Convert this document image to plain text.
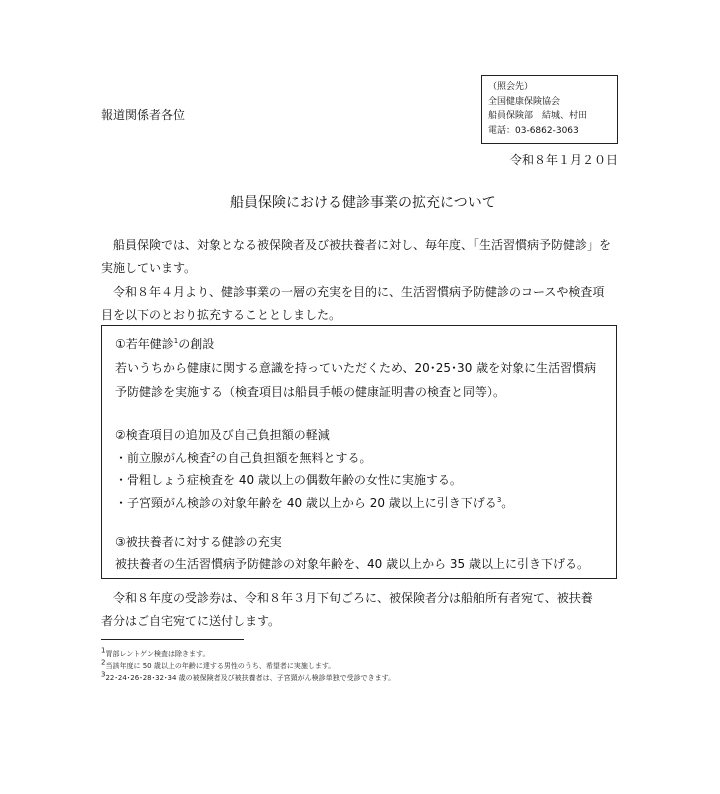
（照会先）
全国健康保険協会
船員保険部　結城、村田
電話：03-6862-3063
報道関係者各位
令和８年１月２０日
船員保険における健診事業の拡充について
　船員保険では、対象となる被保険者及び被扶養者に対し、毎年度、「生活習慣病予防健診」を
実施しています。
　令和８年４月より、健診事業の一層の充実を目的に、生活習慣病予防健診のコースや検査項
目を以下のとおり拡充することとしました。
①若年健診$^1$の創設
若いうちから健康に関する意識を持っていただくため、20･25･30 歳を対象に生活習慣病
予防健診を実施する（検査項目は船員手帳の健康証明書の検査と同等）。
②検査項目の追加及び自己負担額の軽減
・前立腺がん検査$^2$の自己負担額を無料とする。
・骨粗しょう症検査を 40 歳以上の偶数年齢の女性に実施する。
・子宮頸がん検診の対象年齢を 40 歳以上から 20 歳以上に引き下げる$^3$。
③被扶養者に対する健診の充実
被扶養者の生活習慣病予防健診の対象年齢を、40 歳以上から 35 歳以上に引き下げる。
　令和８年度の受診券は、令和８年３月下旬ごろに、被保険者分は船舶所有者宛て、被扶養
者分はご自宅宛てに送付します。
$^1$胃部レントゲン検査は除きます。
$^2$当該年度に 50 歳以上の年齢に達する男性のうち、希望者に実施します。
$^3$22･24･26･28･32･34 歳の被保険者及び被扶養者は、子宮頸がん検診単独で受診できます。
